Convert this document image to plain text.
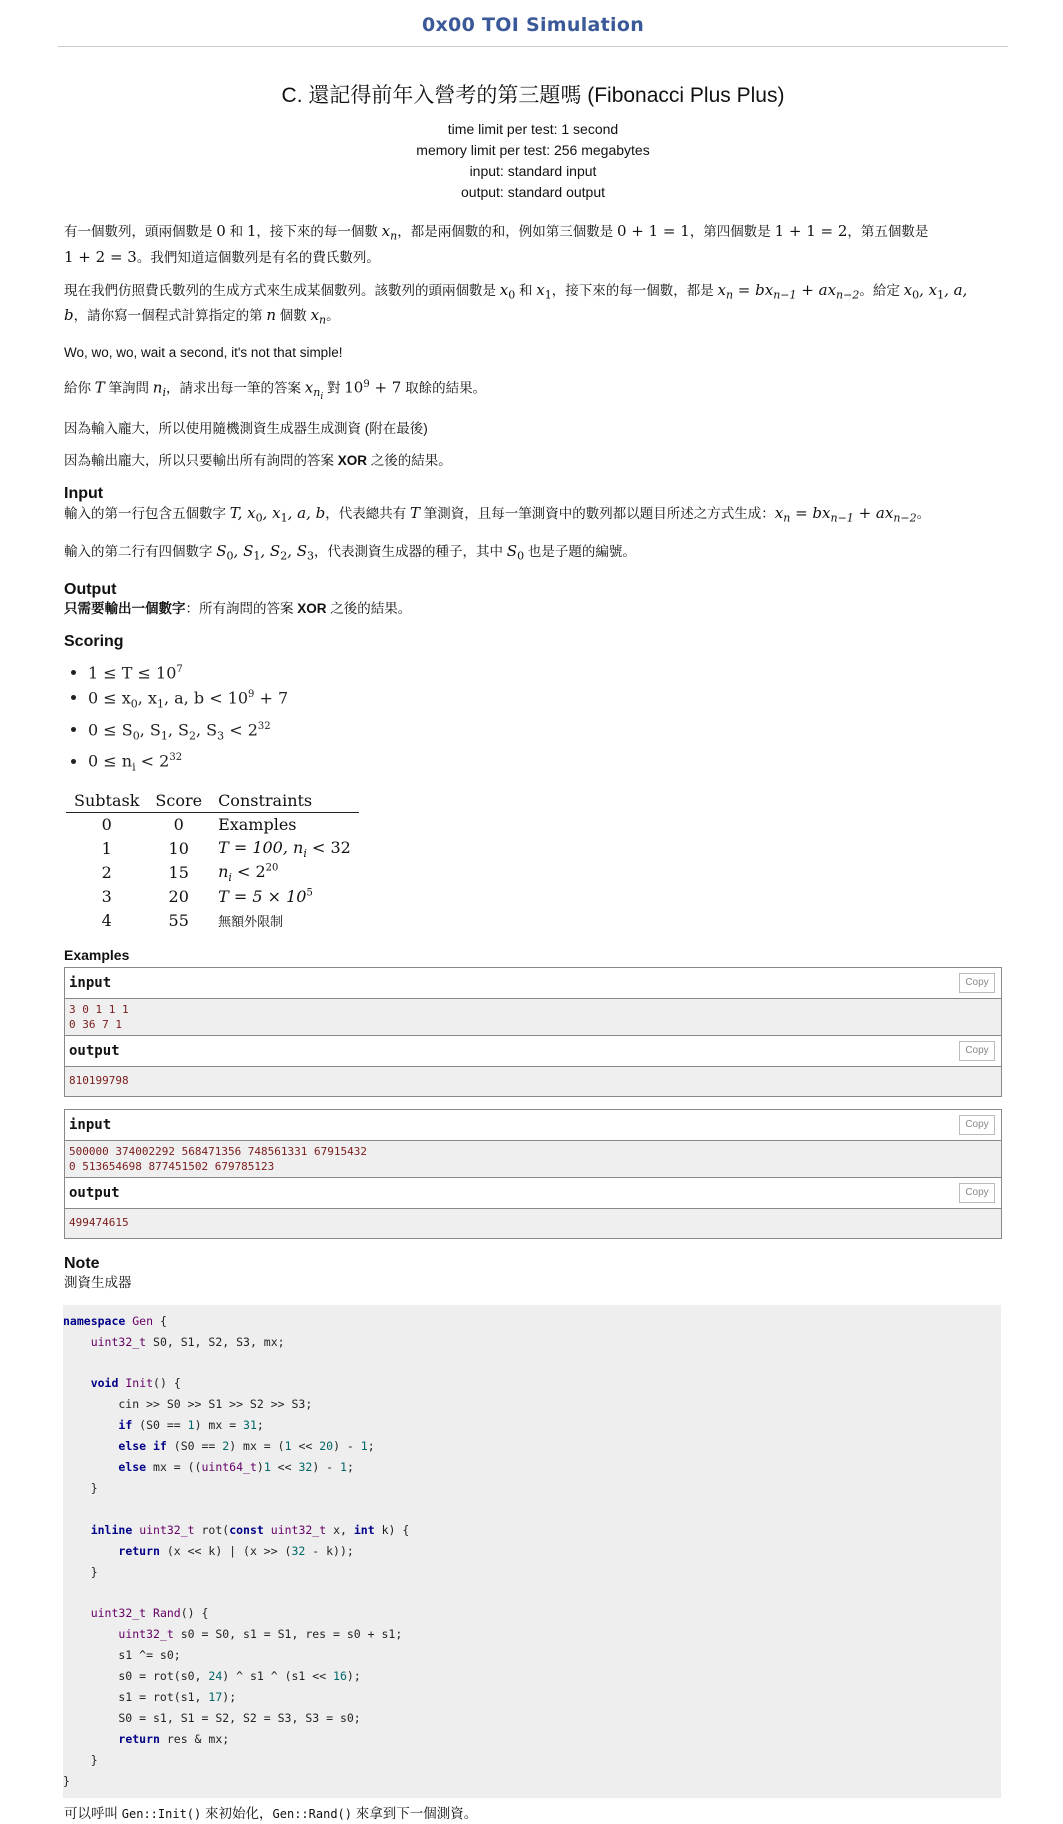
0x00 TOI Simulation
C. 還記得前年入營考的第三題嗎 (Fibonacci Plus Plus)
time limit per test: 1 second
memory limit per test: 256 megabytes
input: standard input
output: standard output

有一個數列，頭兩個數是 0 和 1，接下來的每一個數 $x_n$，都是兩個數的和，例如第三個數是 0 + 1 = 1，第四個數是 1 + 1 = 2，第五個數是
1 + 2 = 3。我們知道這個數列是有名的費氏數列。

現在我們仿照費氏數列的生成方式來生成某個數列。該數列的頭兩個數是 $x_0$ 和 $x_1$，接下來的每一個數，都是 $x_n = bx_{n-1} + ax_{n-2}$。給定 $x_0$, $x_1$, a,
b，請你寫一個程式計算指定的第 n 個數 $x_n$。

Wo, wo, wo, wait a second, it's not that simple!

給你 T 筆詢問 $n_i$，請求出每一筆的答案 $x_{n_i}$ 對 $10^9 + 7$ 取餘的結果。

因為輸入龐大，所以使用隨機測資生成器生成測資 (附在最後)

因為輸出龐大，所以只要輸出所有詢問的答案 XOR 之後的結果。

Input

輸入的第一行包含五個數字 T, $x_0$, $x_1$, a, b，代表總共有 T 筆測資，且每一筆測資中的數列都以題目所述之方式生成：$x_n = bx_{n-1} + ax_{n-2}$。

輸入的第二行有四個數字 $S_0$, $S_1$, $S_2$, $S_3$，代表測資生成器的種子，其中 $S_0$ 也是子題的編號。

Output

只需要輸出一個數字：所有詢問的答案 XOR 之後的結果。

Scoring
• $1 \le T \le 10^7$
• $0 \le x_0$, $x_1$, a, $b < 10^9 + 7$
• $0 \le S_0$, $S_1$, $S_2$, $S_3 < 2^{32}$
• $0 \le n_i < 2^{32}$
Subtask	Score	Constraints
0	0	Examples
1	10	T = 100, $n_i < 32$
2	15	$n_i < 2^{20}$
3	20	$T = 5 \times 10^5$
4	55	無額外限制
Examples
input	Copy
3 0 1 1 1
0 36 7 1
output	Copy
810199798
input	Copy
500000 374002292 568471356 748561331 67915432
0 513654698 877451502 679785123
output	Copy
499474615
Note

測資生成器

namespace Gen {
uint32_t S0, S1, S2, S3, mx;

void Init() {
cin >> S0 >> S1 >> S2 >> S3;
if (S0 == 1) mx = 31;
else if (S0 == 2) mx = (1 << 20) - 1;
else mx = ((uint64_t)1 << 32) - 1;
}

inline uint32_t rot(const uint32_t x, int k) {
return (x << k) | (x >> (32 - k));
}

uint32_t Rand() {
uint32_t s0 = S0, s1 = S1, res = s0 + s1;
s1 ^= s0;
s0 = rot(s0, 24) ^ s1 ^ (s1 << 16);
s1 = rot(s1, 17);
S0 = s1, S1 = S2, S2 = S3, S3 = s0;
return res & mx;
}
}

可以呼叫 Gen::Init() 來初始化，Gen::Rand() 來拿到下一個測資。
